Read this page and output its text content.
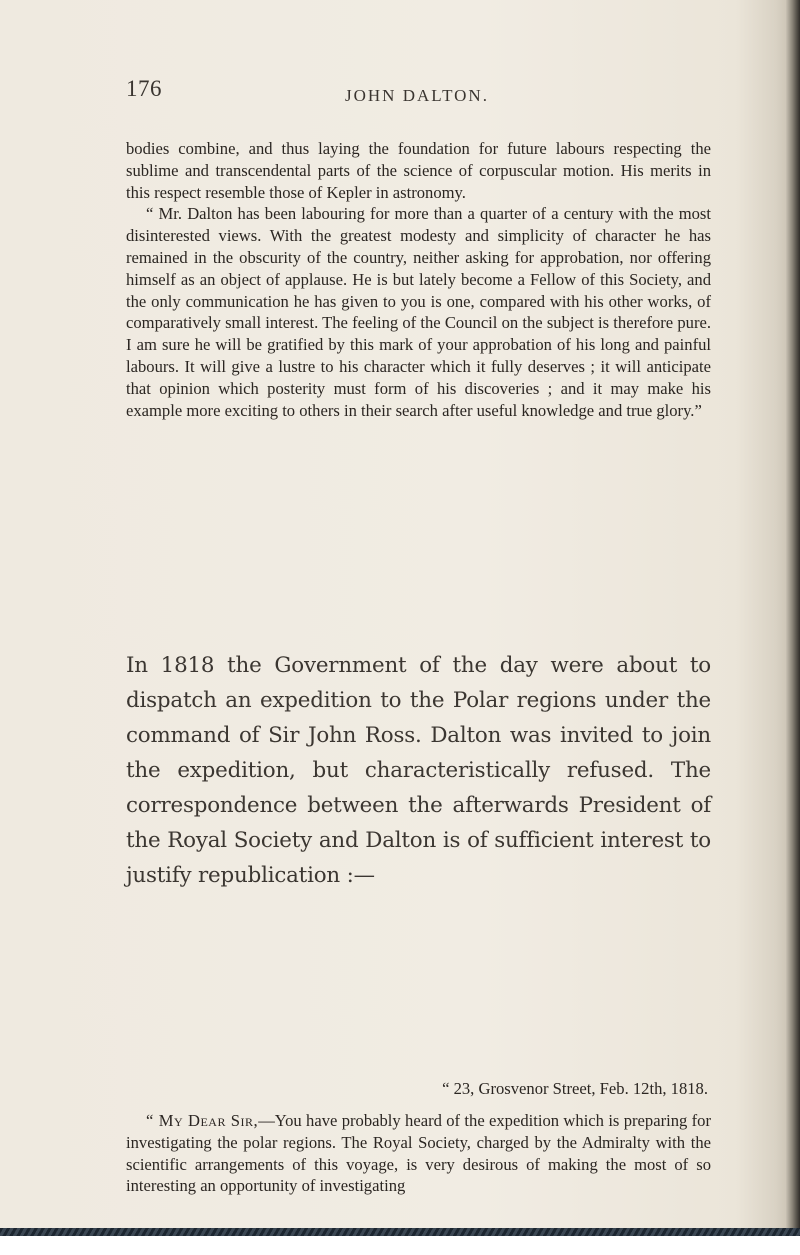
176	JOHN DALTON.

bodies combine, and thus laying the foundation for future labours respecting the sublime and transcendental parts of the science of corpuscular motion. His merits in this respect resemble those of Kepler in astronomy.

“ Mr. Dalton has been labouring for more than a quarter of a century with the most disinterested views. With the greatest modesty and simplicity of character he has remained in the obscurity of the country, neither asking for approbation, nor offering himself as an object of applause. He is but lately become a Fellow of this Society, and the only communication he has given to you is one, compared with his other works, of comparatively small interest. The feeling of the Council on the subject is therefore pure. I am sure he will be gratified by this mark of your approbation of his long and painful labours. It will give a lustre to his character which it fully deserves ; it will anticipate that opinion which posterity must form of his discoveries ; and it may make his example more exciting to others in their search after useful knowledge and true glory.”

In 1818 the Government of the day were about to dispatch an expedition to the Polar regions under the command of Sir John Ross. Dalton was invited to join the expedition, but characteristically refused. The correspondence between the afterwards President of the Royal Society and Dalton is of sufficient interest to justify republication :—

“ 23, Grosvenor Street, Feb. 12th, 1818.

“ My Dear Sir,—You have probably heard of the expedition which is preparing for investigating the polar regions. The Royal Society, charged by the Admiralty with the scientific arrangements of this voyage, is very desirous of making the most of so interesting an opportunity of investigating
